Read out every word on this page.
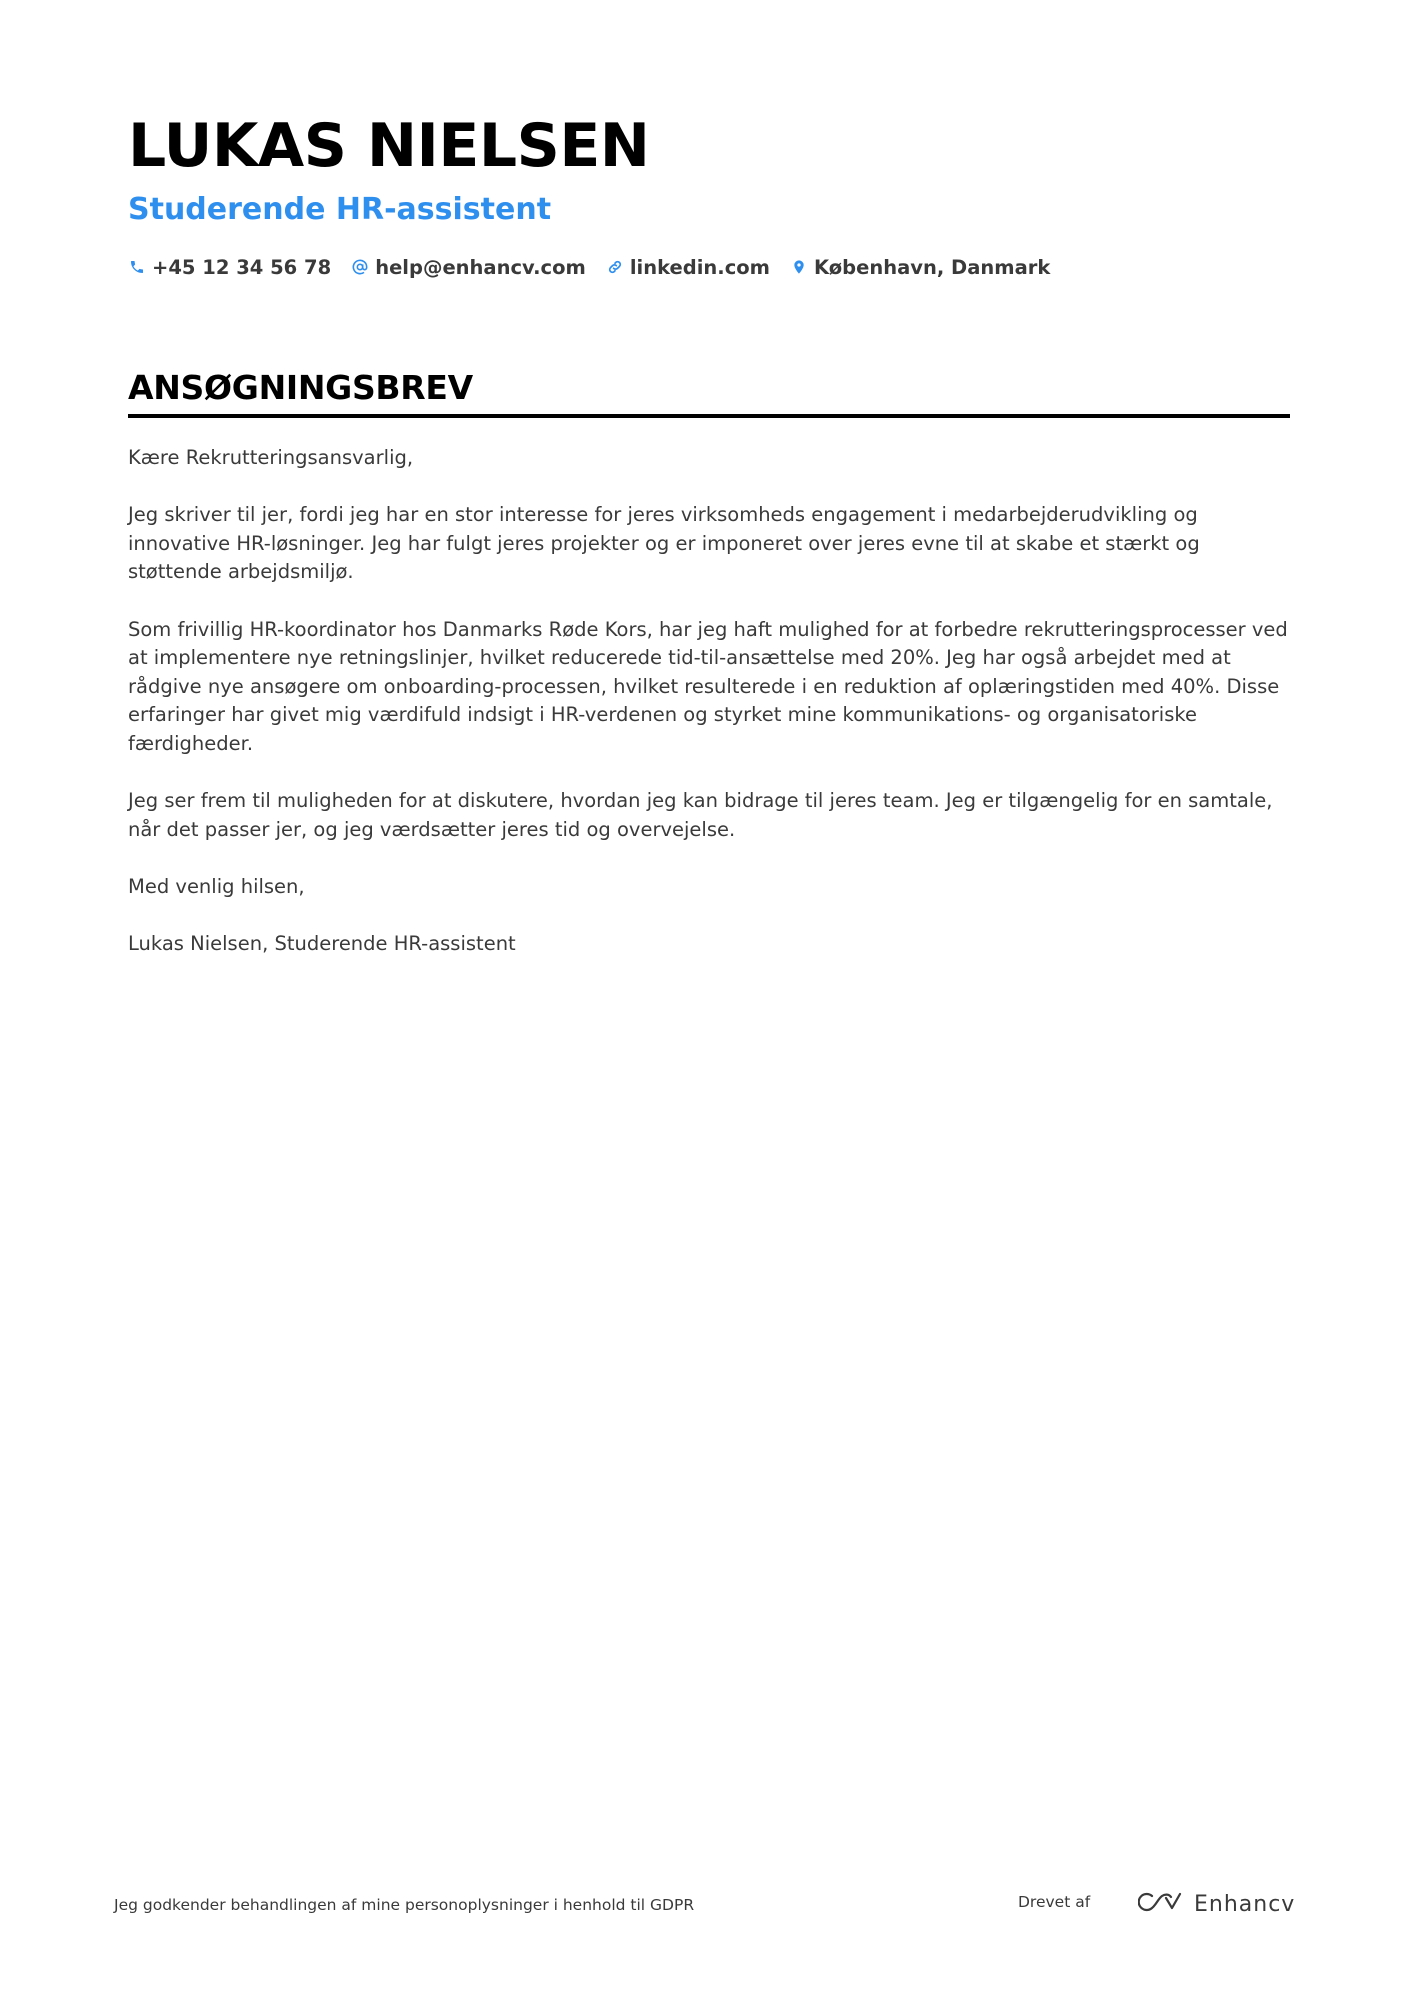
LUKAS NIELSEN
Studerende HR-assistent
+45 12 34 56 78 help@enhancv.com linkedin.com København, Danmark
ANSØGNINGSBREV

Kære Rekrutteringsansvarlig,

Jeg skriver til jer, fordi jeg har en stor interesse for jeres virksomheds engagement i medarbejderudvikling og innovative HR-løsninger. Jeg har fulgt jeres projekter og er imponeret over jeres evne til at skabe et stærkt og støttende arbejdsmiljø.

Som frivillig HR-koordinator hos Danmarks Røde Kors, har jeg haft mulighed for at forbedre rekrutteringsprocesser ved at implementere nye retningslinjer, hvilket reducerede tid-til-ansættelse med 20%. Jeg har også arbejdet med at rådgive nye ansøgere om onboarding-processen, hvilket resulterede i en reduktion af oplæringstiden med 40%. Disse erfaringer har givet mig værdifuld indsigt i HR-verdenen og styrket mine kommunikations- og organisatoriske færdigheder.

Jeg ser frem til muligheden for at diskutere, hvordan jeg kan bidrage til jeres team. Jeg er tilgængelig for en samtale, når det passer jer, og jeg værdsætter jeres tid og overvejelse.

Med venlig hilsen,

Lukas Nielsen, Studerende HR-assistent

Jeg godkender behandlingen af mine personoplysninger i henhold til GDPR	Drevet af	Enhancv
